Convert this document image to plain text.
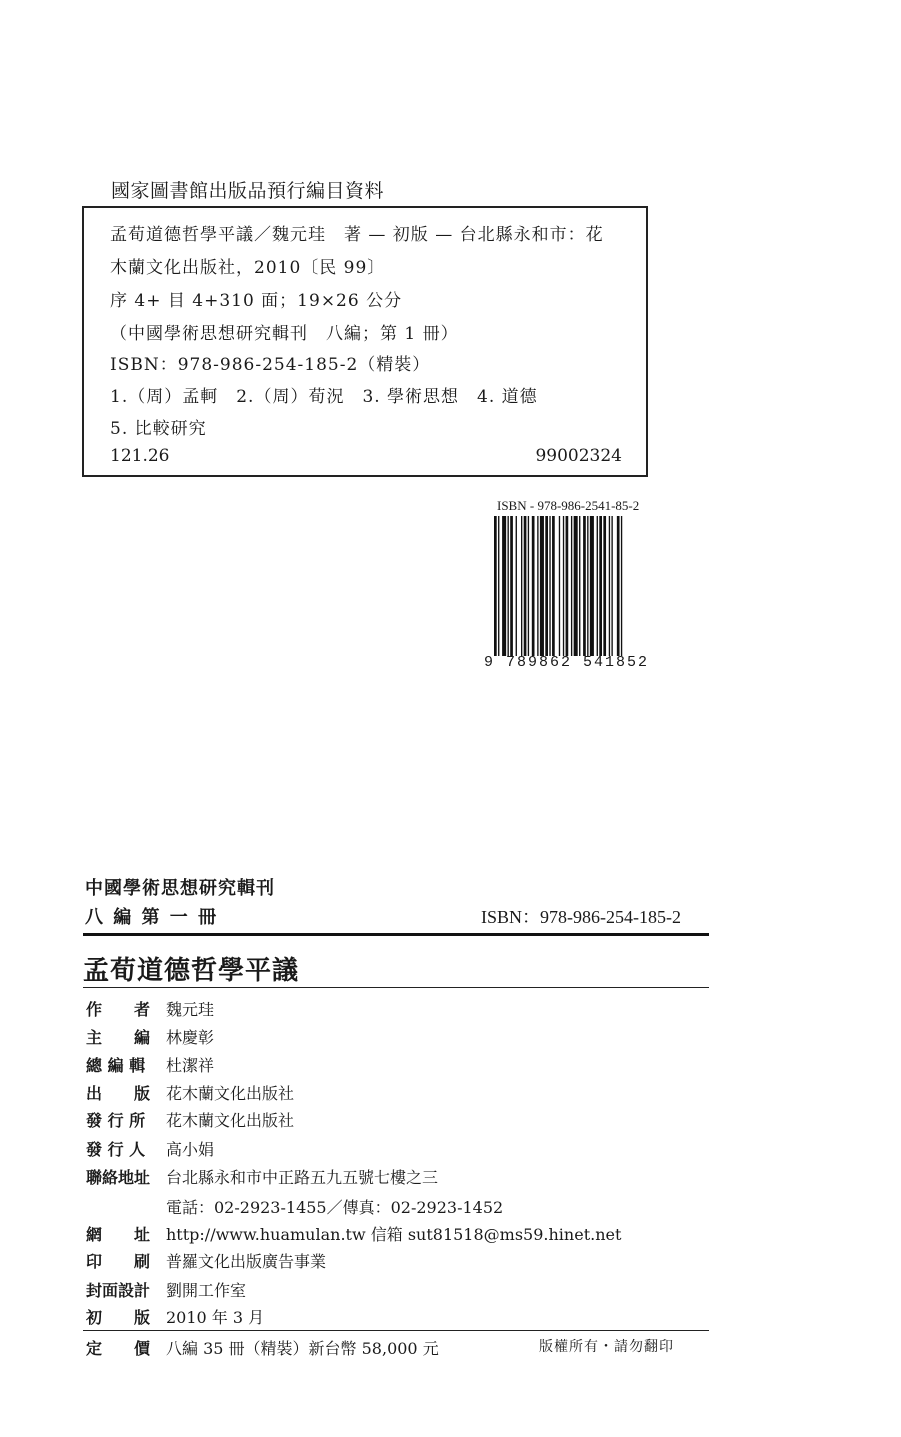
國家圖書館出版品預行編目資料
孟荀道德哲學平議／魏元珪　著 — 初版 — 台北縣永和市：花
木蘭文化出版社，2010〔民 99〕
序 4+ 目 4+310 面；19×26 公分
（中國學術思想研究輯刊　八編；第 1 冊）
ISBN：978-986-254-185-2（精裝）
1.（周）孟軻　2.（周）荀況　3. 學術思想　4. 道德
5. 比較研究
121.26	99002324
ISBN - 978-986-2541-85-2
9 789862 541852
中國學術思想研究輯刊
八 編 第 一 冊	ISBN：978-986-254-185-2
孟荀道德哲學平議
作　　者 魏元珪
主　　編 林慶彰
總 編 輯 杜潔祥
出　　版 花木蘭文化出版社
發 行 所 花木蘭文化出版社
發 行 人 高小娟
聯絡地址 台北縣永和市中正路五九五號七樓之三
電話：02-2923-1455／傳真：02-2923-1452
網　　址 http://www.huamulan.tw 信箱 sut81518@ms59.hinet.net
印　　刷 普羅文化出版廣告事業
封面設計 劉開工作室
初　　版 2010 年 3 月
定　　價 八編 35 冊（精裝）新台幣 58,000 元	版權所有・請勿翻印
